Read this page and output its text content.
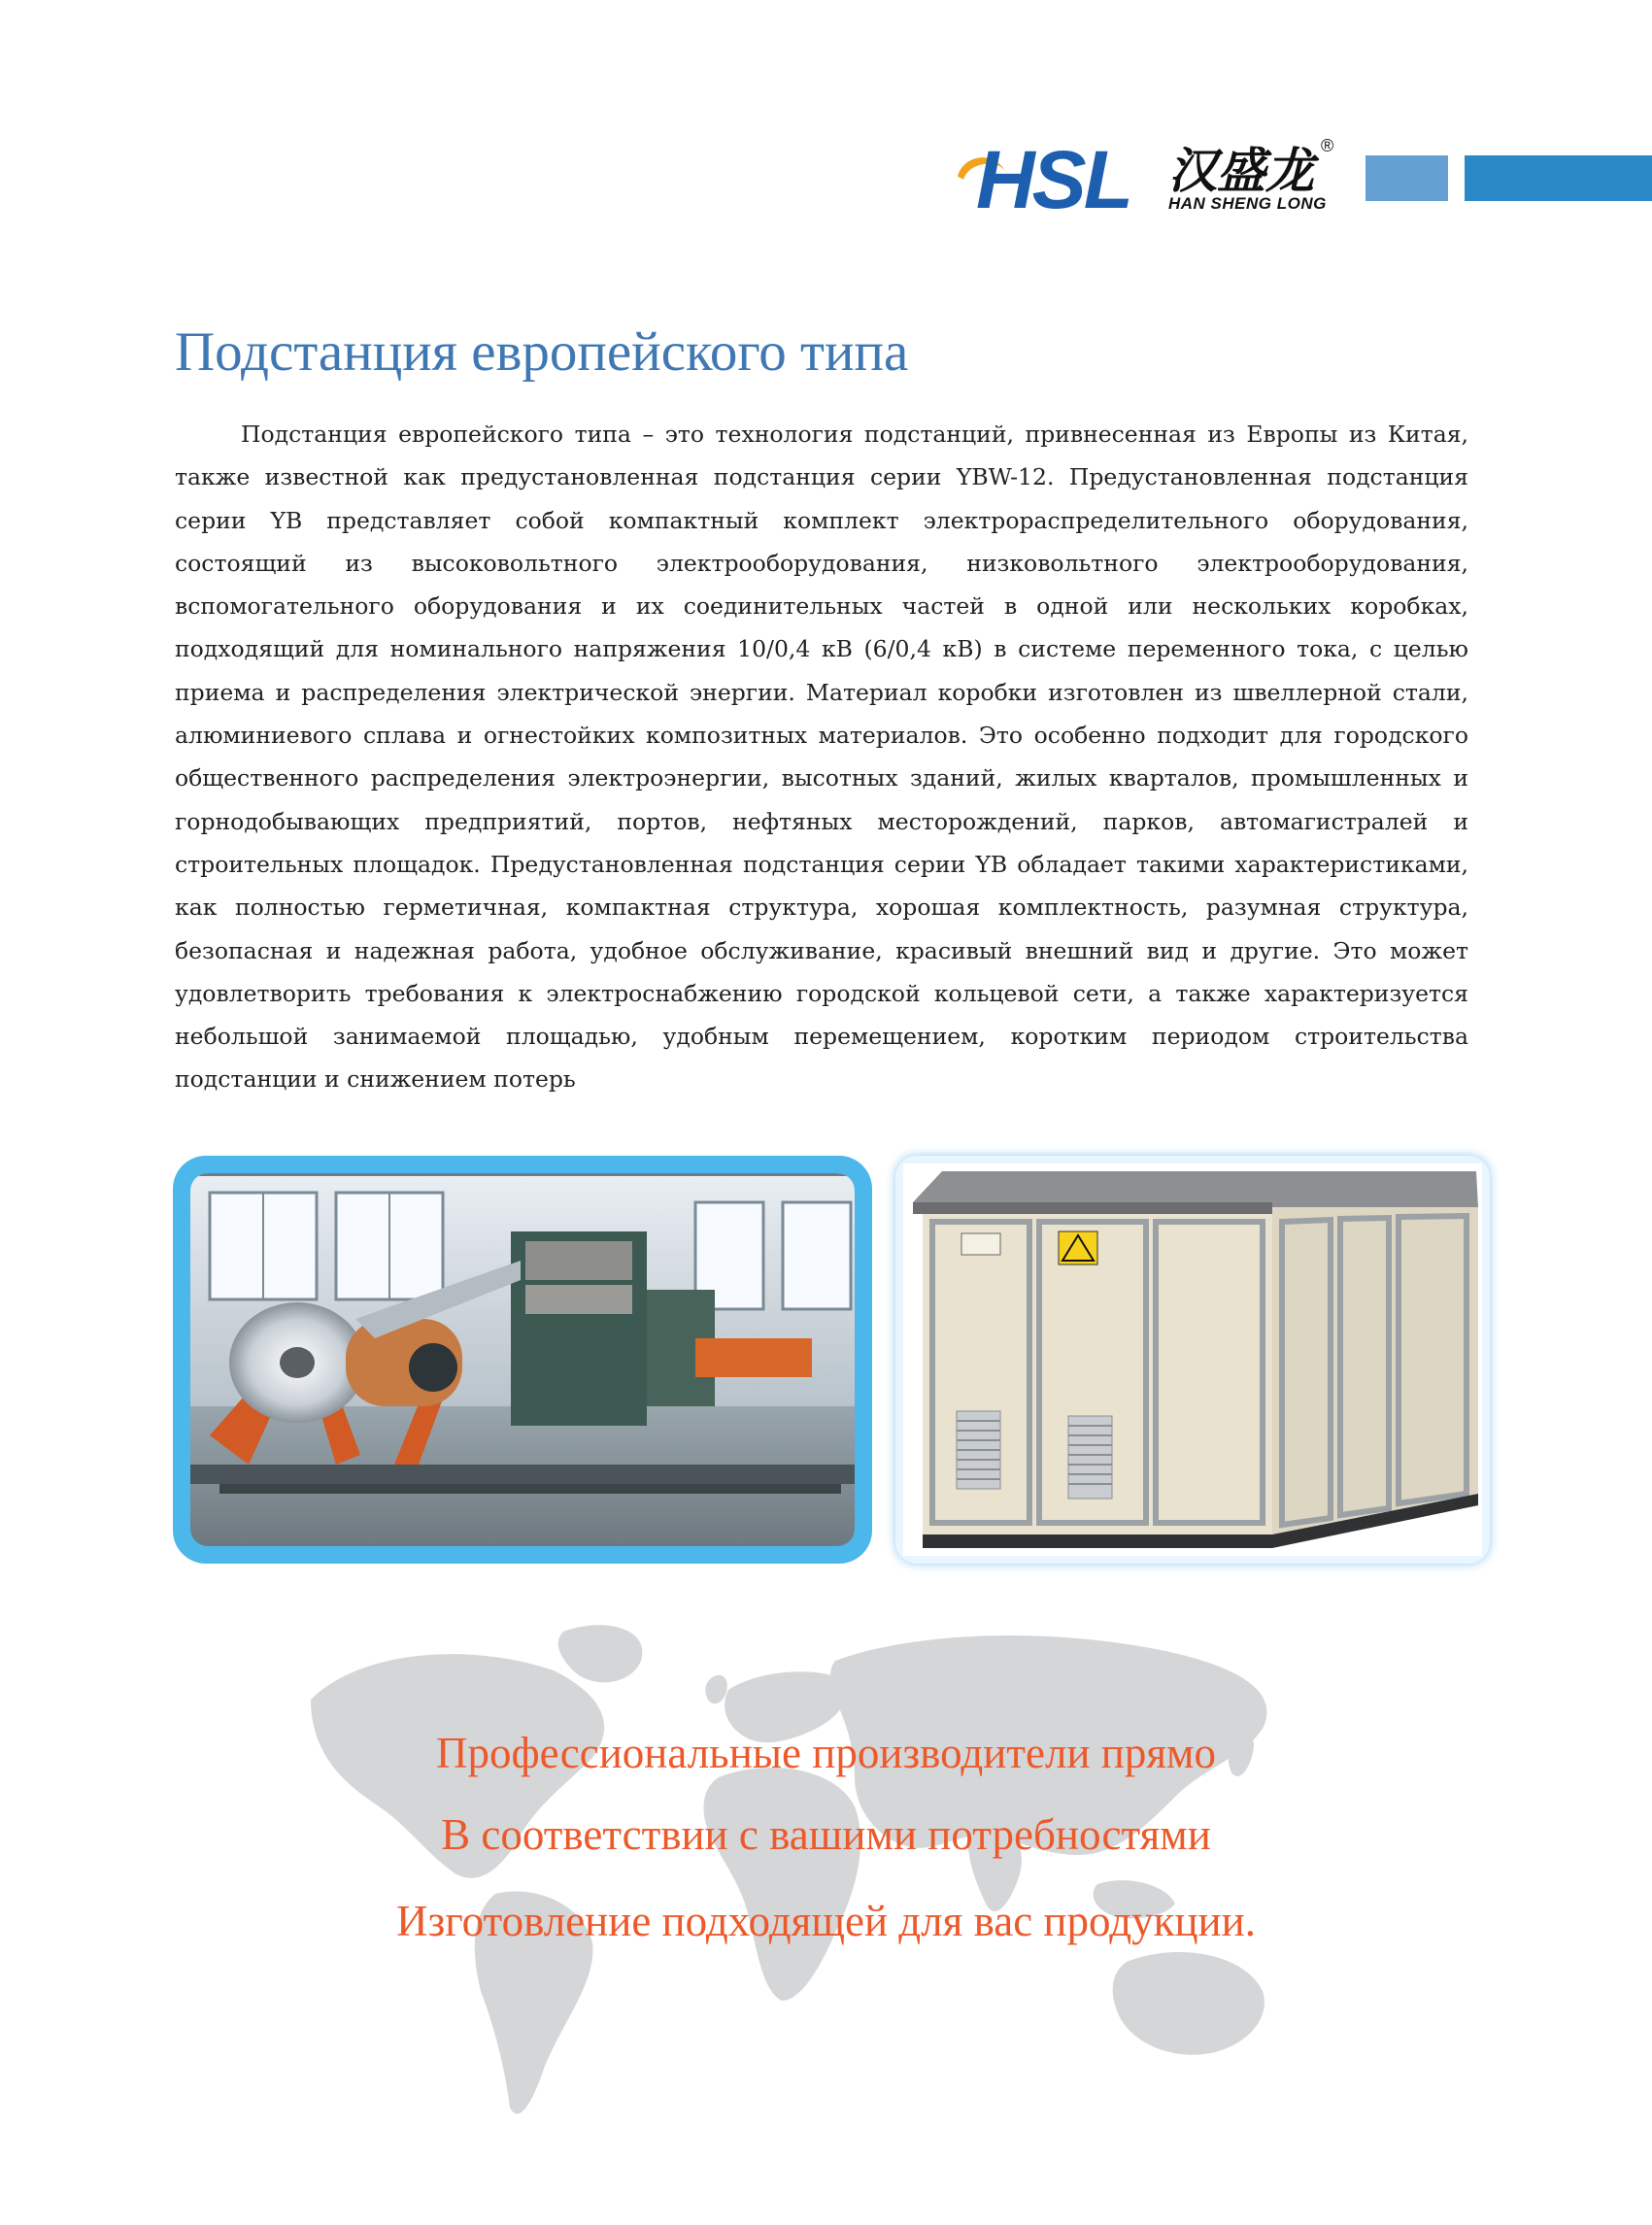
HSL 汉盛龙
HAN SHENG LONG
®
Подстанция европейского типа

Подстанция европейского типа – это технология подстанций, привнесенная из Европы из Китая, также известной как предустановленная подстанция серии YBW-12. Предустановленная подстанция серии YB представляет собой компактный комплект электрораспределительного оборудования, состоящий из высоковольтного электрооборудования, низковольтного электрооборудования, вспомогательного оборудования и их соединительных частей в одной или нескольких коробках, подходящий для номинального напряжения 10/0,4 кВ (6/0,4 кВ) в системе переменного тока, с целью приема и распределения электрической энергии. Материал коробки изготовлен из швеллерной стали, алюминиевого сплава и огнестойких композитных материалов. Это особенно подходит для городского общественного распределения электроэнергии, высотных зданий, жилых кварталов, промышленных и горнодобывающих предприятий, портов, нефтяных месторождений, парков, автомагистралей и строительных площадок. Предустановленная подстанция серии YB обладает такими характеристиками, как полностью герметичная, компактная структура, хорошая комплектность, разумная структура, безопасная и надежная работа, удобное обслуживание, красивый внешний вид и другие. Это может удовлетворить требования к электроснабжению городской кольцевой сети, а также характеризуется небольшой занимаемой площадью, удобным перемещением, коротким периодом строительства подстанции и снижением потерь

Профессиональные производители прямо
В соответствии с вашими потребностями
Изготовление подходящей для вас продукции.
